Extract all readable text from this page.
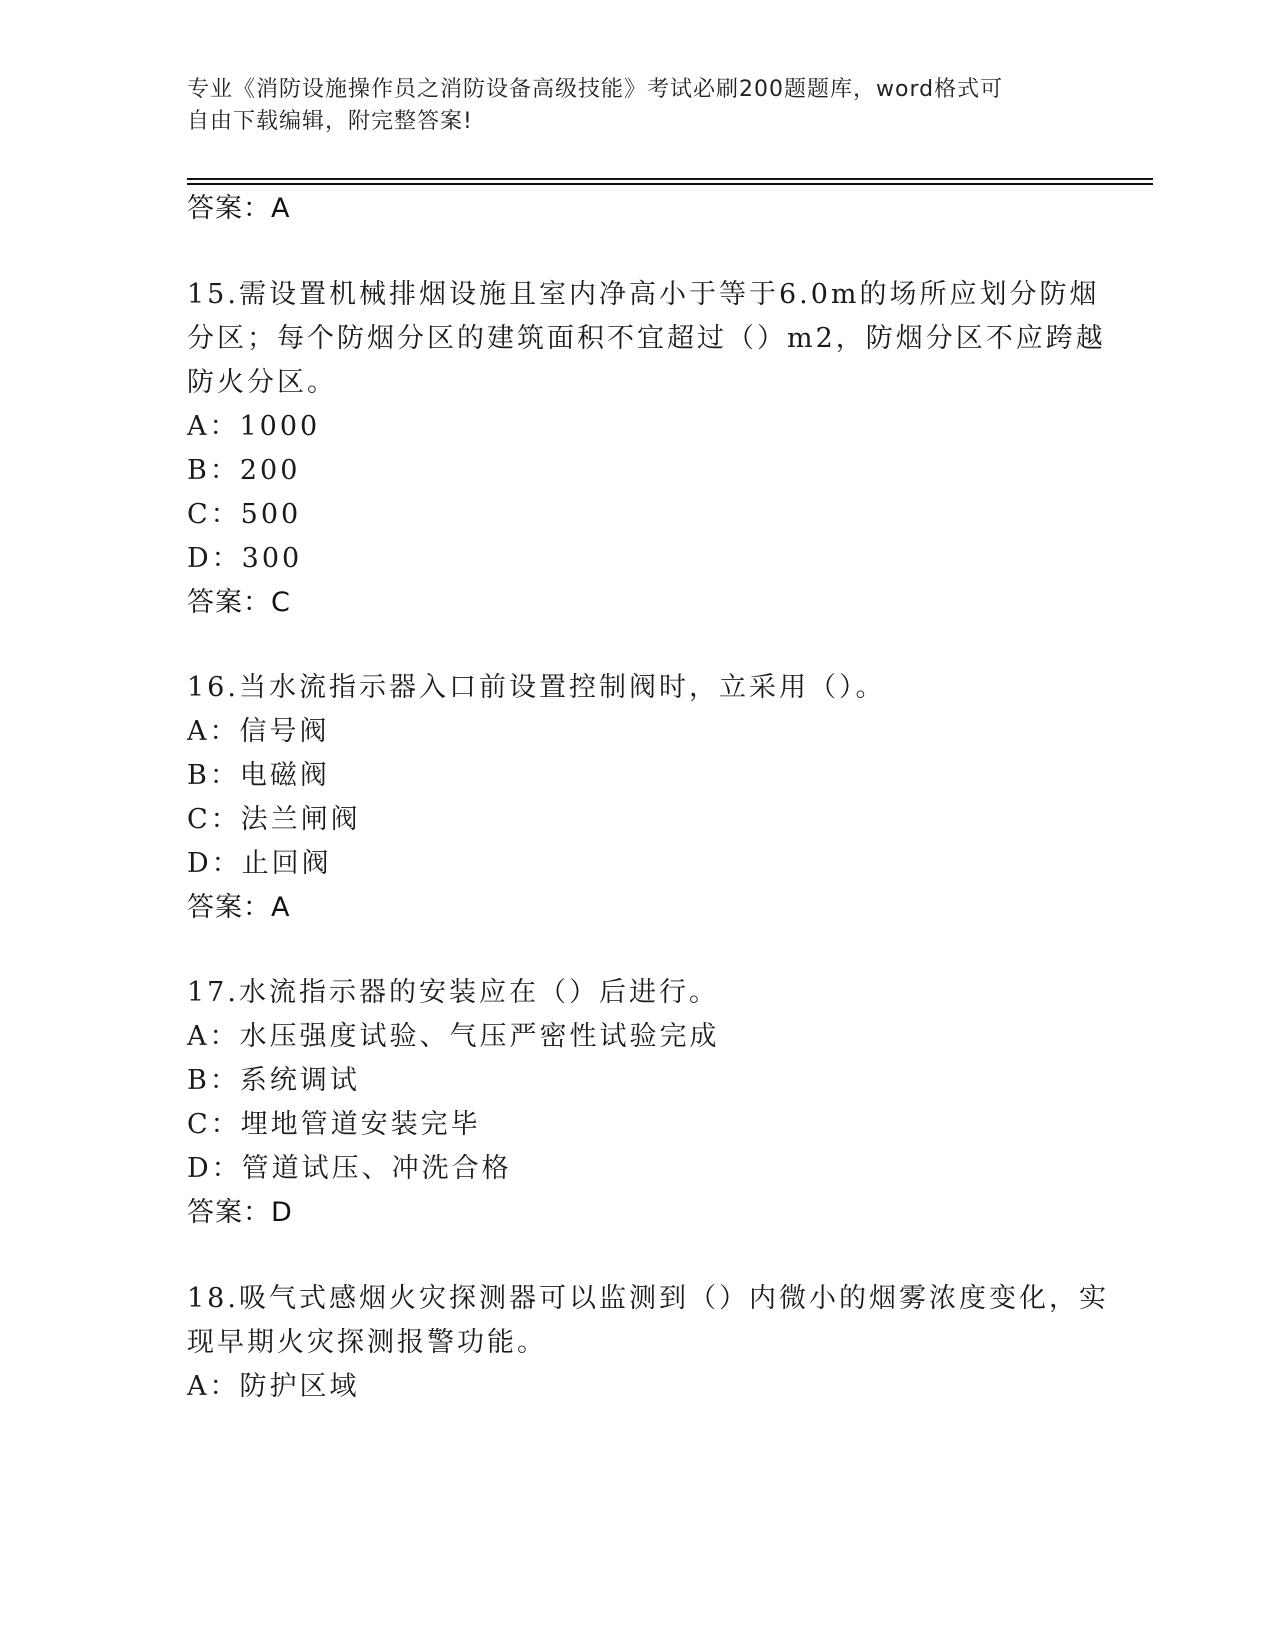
专业《消防设施操作员之消防设备高级技能》考试必刷200题题库，word格式可
自由下载编辑，附完整答案!
答案：A
15.需设置机械排烟设施且室内净高小于等于6.0m的场所应划分防烟
分区；每个防烟分区的建筑面积不宜超过（）m2，防烟分区不应跨越
防火分区。
A：1000
B：200
C：500
D：300
答案：C
16.当水流指示器入口前设置控制阀时，立采用（）。
A：信号阀
B：电磁阀
C：法兰闸阀
D：止回阀
答案：A
17.水流指示器的安装应在（）后进行。
A：水压强度试验、气压严密性试验完成
B：系统调试
C：埋地管道安装完毕
D：管道试压、冲洗合格
答案：D
18.吸气式感烟火灾探测器可以监测到（）内微小的烟雾浓度变化，实
现早期火灾探测报警功能。
A：防护区域
